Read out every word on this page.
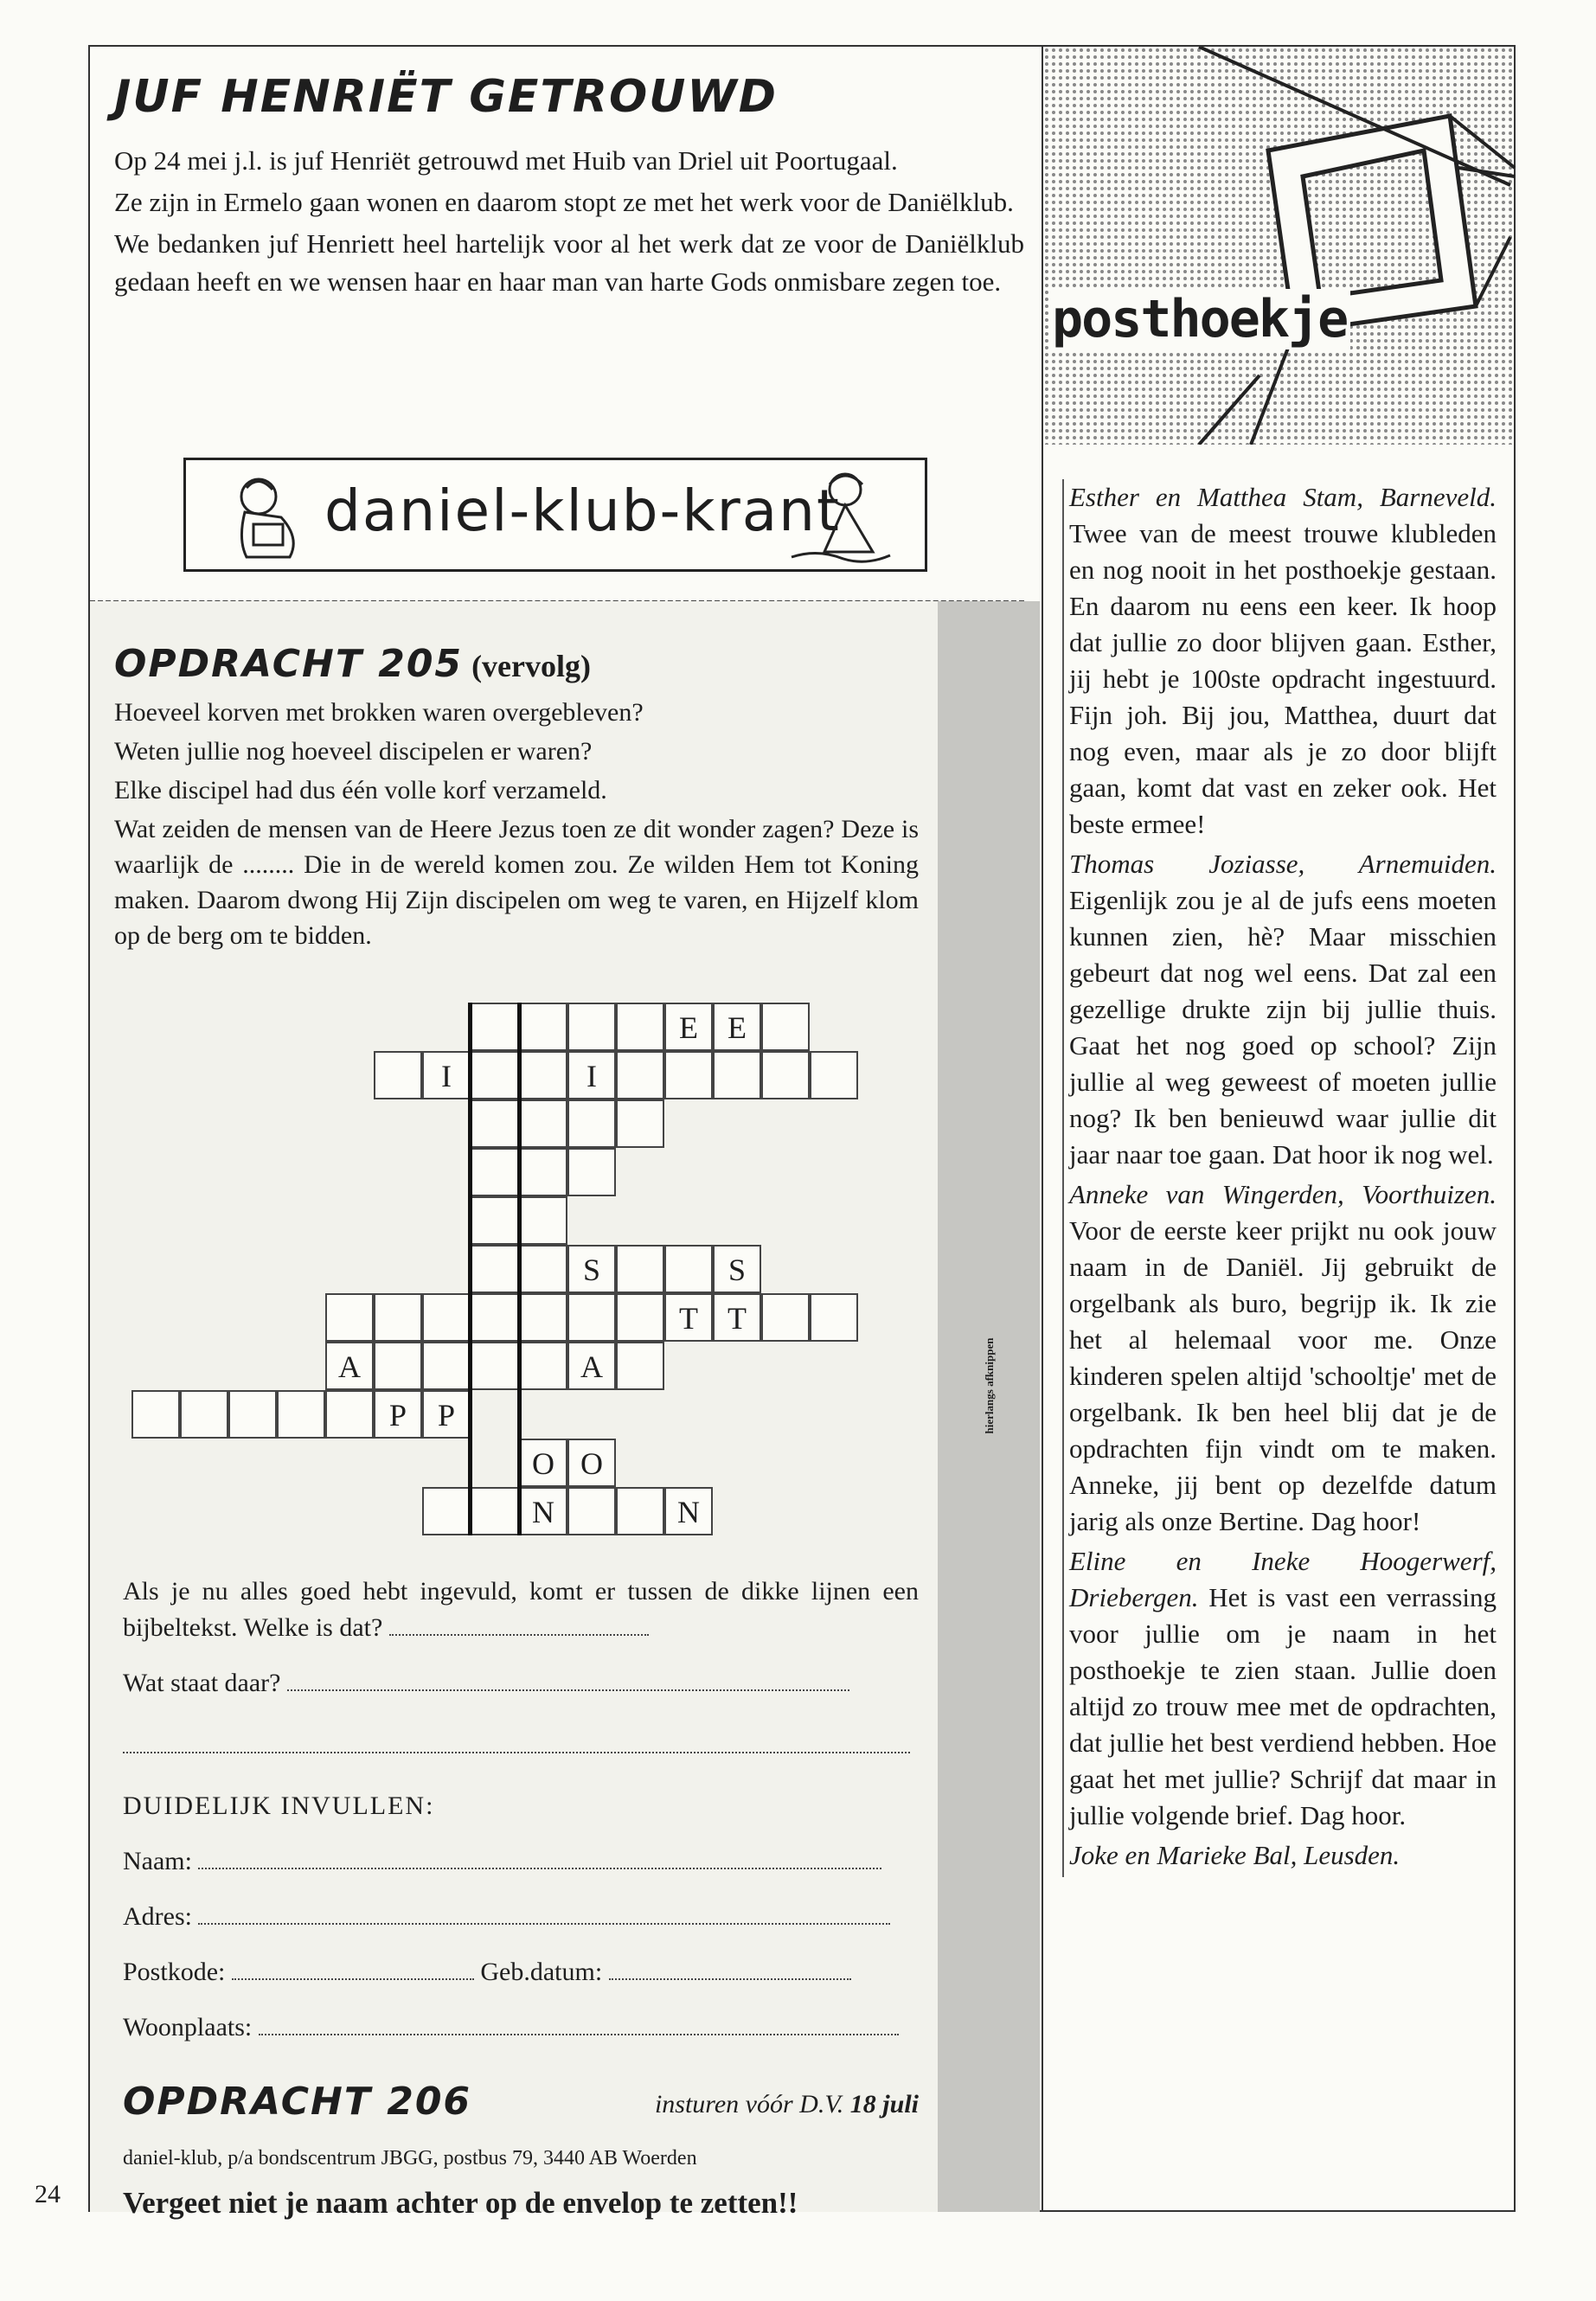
24
JUF HENRIËT GETROUWD

Op 24 mei j.l. is juf Henriët getrouwd met Huib van Driel uit Poortugaal.

Ze zijn in Ermelo gaan wonen en daarom stopt ze met het werk voor de Daniëlklub.

We bedanken juf Henriett heel hartelijk voor al het werk dat ze voor de Daniëlklub gedaan heeft en we wensen haar en haar man van harte Gods onmisbare zegen toe.

daniel-klub-krant
hierlangs afknippen
OPDRACHT 205 (vervolg)

Hoeveel korven met brokken waren overgebleven?

Weten jullie nog hoeveel discipelen er waren?

Elke discipel had dus één volle korf verzameld.

Wat zeiden de mensen van de Heere Jezus toen ze dit wonder zagen? Deze is waarlijk de ........ Die in de wereld komen zou. Ze wilden Hem tot Koning maken. Daarom dwong Hij Zijn discipelen om weg te varen, en Hijzelf klom op de berg om te bidden.

E E
I	I
S	S
T T
A	A
P P
O O
N	N

Als je nu alles goed hebt ingevuld, komt er tussen de dikke lijnen een bijbeltekst. Welke is dat?

Wat staat daar?

DUIDELIJK INVULLEN:
Naam:
Adres:
Postkode:	Geb.datum:
Woonplaats:
OPDRACHT 206	insturen vóór D.V. 18 juli
daniel-klub, p/a bondscentrum JBGG, postbus 79, 3440 AB Woerden
Vergeet niet je naam achter op de envelop te zetten!!
posthoekje

Esther en Matthea Stam, Barneveld. Twee van de meest trouwe klubleden en nog nooit in het posthoekje gestaan. En daarom nu eens een keer. Ik hoop dat jullie zo door blijven gaan. Esther, jij hebt je 100ste opdracht ingestuurd. Fijn joh. Bij jou, Matthea, duurt dat nog even, maar als je zo door blijft gaan, komt dat vast en zeker ook. Het beste ermee!

Thomas Joziasse, Arnemuiden. Eigenlijk zou je al de jufs eens moeten kunnen zien, hè? Maar misschien gebeurt dat nog wel eens. Dat zal een gezellige drukte zijn bij jullie thuis. Gaat het nog goed op school? Zijn jullie al weg geweest of moeten jullie nog? Ik ben benieuwd waar jullie dit jaar naar toe gaan. Dat hoor ik nog wel.

Anneke van Wingerden, Voorthuizen. Voor de eerste keer prijkt nu ook jouw naam in de Daniël. Jij gebruikt de orgelbank als buro, begrijp ik. Ik zie het al helemaal voor me. Onze kinderen spelen altijd 'schooltje' met de orgelbank. Ik ben heel blij dat je de opdrachten fijn vindt om te maken. Anneke, jij bent op dezelfde datum jarig als onze Bertine. Dag hoor!

Eline en Ineke Hoogerwerf, Driebergen. Het is vast een verrassing voor jullie om je naam in het posthoekje te zien staan. Jullie doen altijd zo trouw mee met de opdrachten, dat jullie het best verdiend hebben. Hoe gaat het met jullie? Schrijf dat maar in jullie volgende brief. Dag hoor.

Joke en Marieke Bal, Leusden.
